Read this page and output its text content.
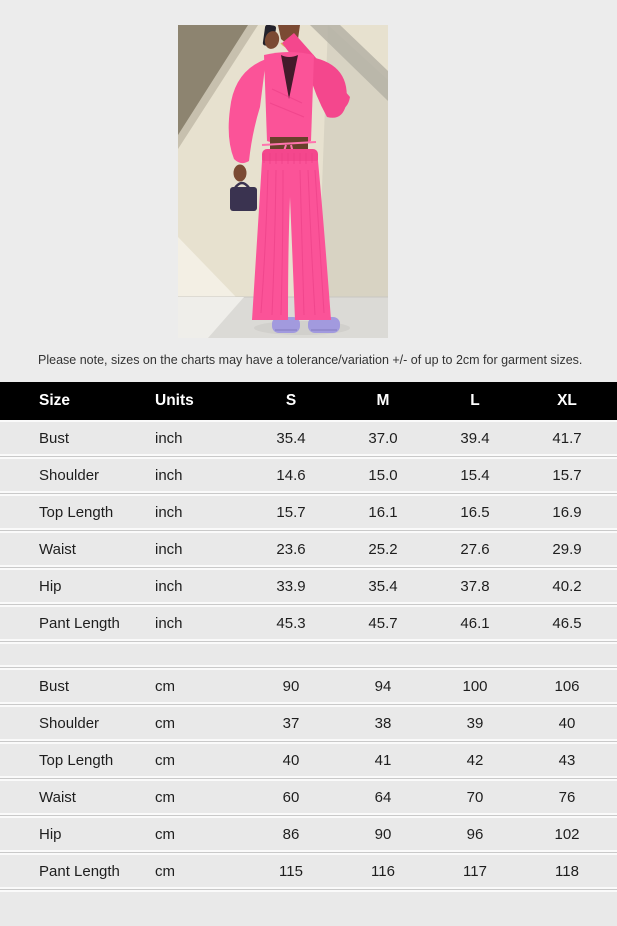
Please note, sizes on the charts may have a tolerance/variation +/- of up to 2cm for garment sizes.
Size	Units	S	M	L	XL
Bust	inch	35.4	37.0	39.4	41.7
Shoulder	inch	14.6	15.0	15.4	15.7
Top Length	inch	15.7	16.1	16.5	16.9
Waist	inch	23.6	25.2	27.6	29.9
Hip	inch	33.9	35.4	37.8	40.2
Pant Length	inch	45.3	45.7	46.1	46.5
Bust	cm	90	94	100	106
Shoulder	cm	37	38	39	40
Top Length	cm	40	41	42	43
Waist	cm	60	64	70	76
Hip	cm	86	90	96	102
Pant Length	cm	115	116	117	118
